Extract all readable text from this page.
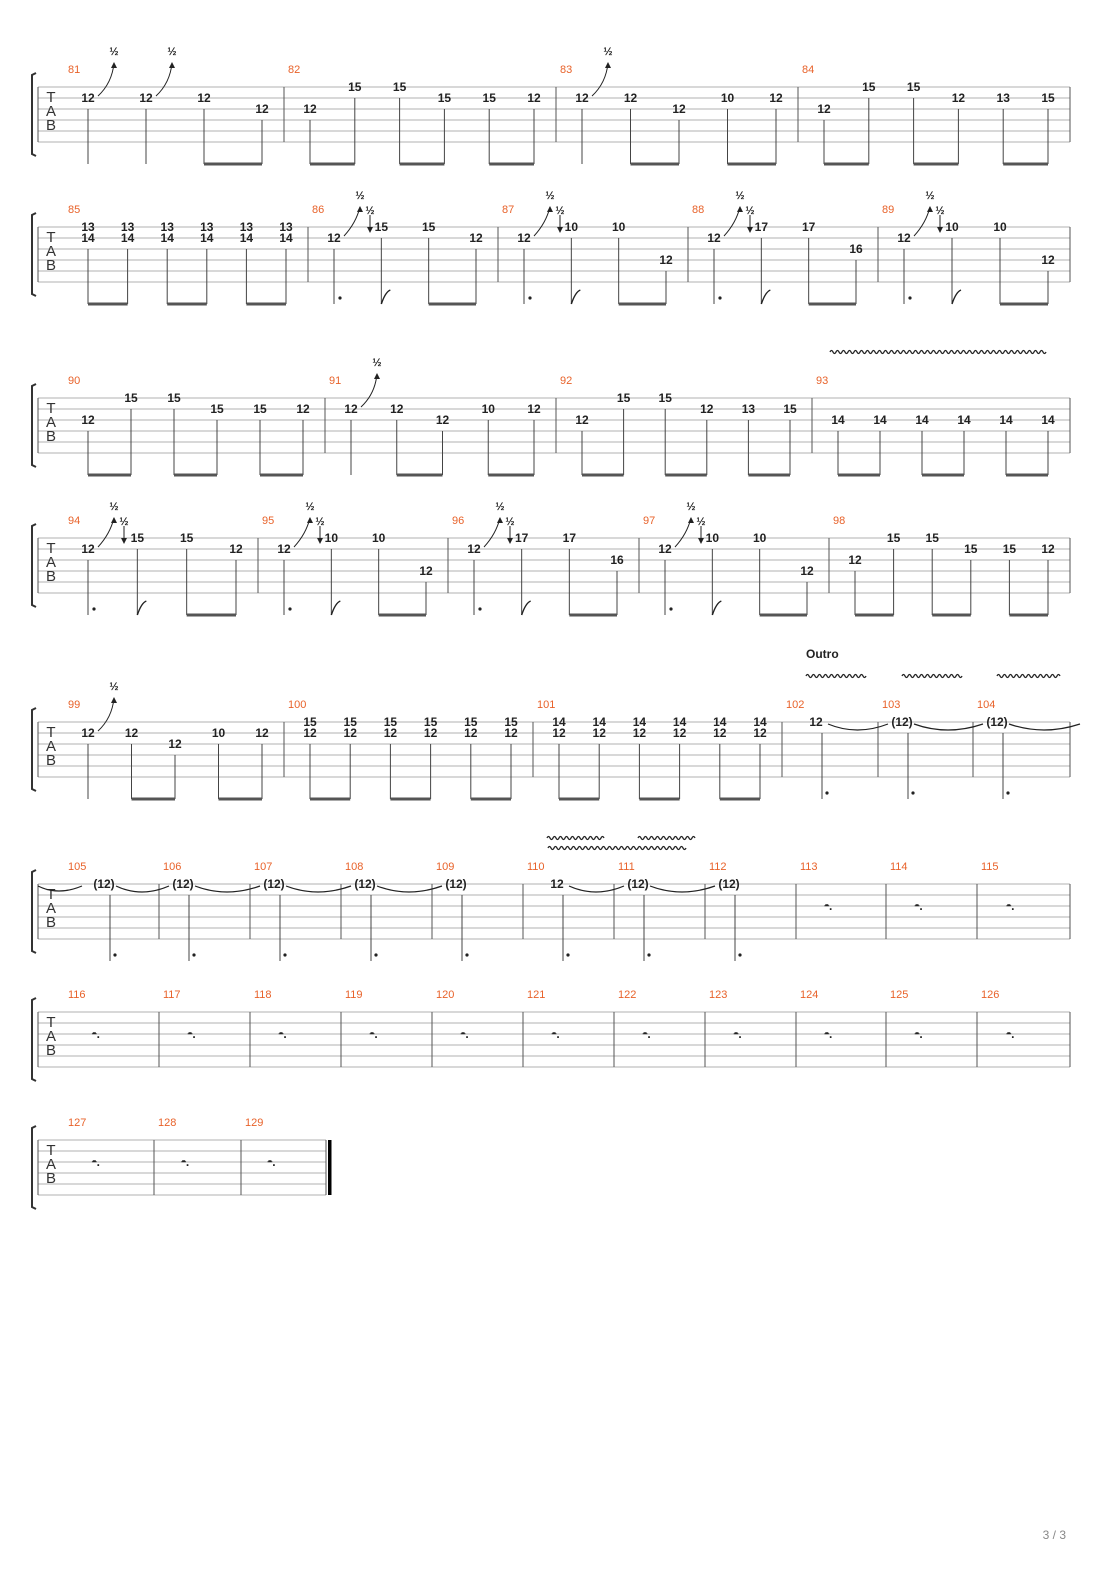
T
A
B
81
12	12	12
12
½	½
82
12
15	15
15	15	12
83
12	12
12
10	12
½
84
12
15	15
12	13	15
T
A
B
85
13
14
13
14
13
14
13
14
13
14
13
14
86
12
15	15
12
½
½	87
12
10	10
12
½
½	88
12
17	17
16
½
½	89
12
10	10
12
½
½
T
A
B
90
12
15 15
15 15 12
91
12	12
12
10	12
½
92
12
15 15
12 13 15
93
14 14 14 14 14 14
T
A
B
94
12
15	15
12
½
½	95
12
10	10
12
½
½	96
12
17	17
16
½
½	97
12
10	10
12
½
½	98
12
15 15
15 15 12
T
A
B
99
12	12
12
10	12
½
100
15
12
15
12
15
12
15
12
15
12
15
12
101
14
12
14
12
14
12
14
12
14
12
14
12
102
12
Outro
103
(12)
104
(12)
T
A
B
105
(12)
106
(12)
107
(12)
108
(12)
109
(12)
110
12
111
(12)
112
(12)
113
𝄼.
114
𝄼.
115
𝄼.
T
A
B
116
𝄼.
117
𝄼.
118
𝄼.
119
𝄼.
120
𝄼.
121
𝄼.
122
𝄼.
123
𝄼.
124
𝄼.
125
𝄼.
126
𝄼.
T
A
B
127
𝄼.
128
𝄼.
129
𝄼.
3 / 3
